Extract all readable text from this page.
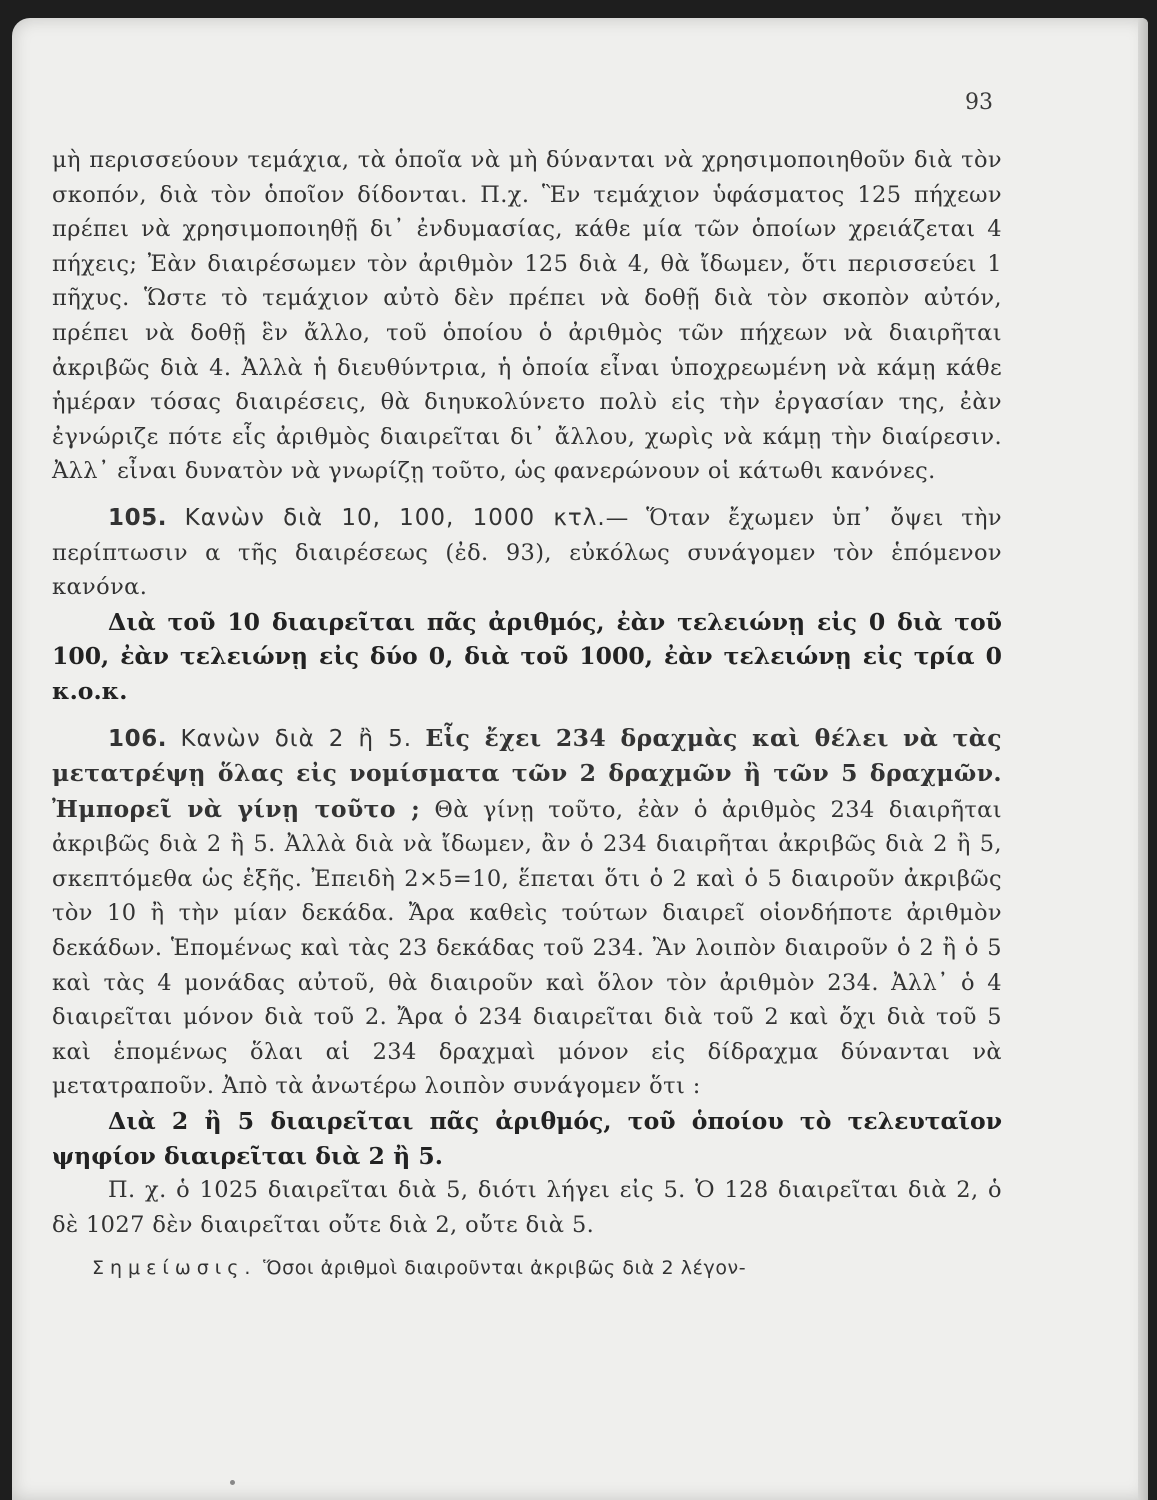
93

μὴ περισσεύουν τεμάχια, τὰ ὁποῖα νὰ μὴ δύνανται νὰ χρησιμοποιηθοῦν διὰ τὸν σκοπόν, διὰ τὸν ὁποῖον δίδονται. Π.χ. Ἓν τεμάχιον ὑφάσματος 125 πήχεων πρέπει νὰ χρησιμοποιηθῇ δι᾽ ἐνδυμασίας, κάθε μία τῶν ὁποίων χρειάζεται 4 πήχεις; Ἐὰν διαιρέσωμεν τὸν ἀριθμὸν 125 διὰ 4, θὰ ἴδωμεν, ὅτι περισσεύει 1 πῆχυς. Ὥστε τὸ τεμάχιον αὐτὸ δὲν πρέπει νὰ δοθῇ διὰ τὸν σκοπὸν αὐτόν, πρέπει νὰ δοθῇ ἓν ἄλλο, τοῦ ὁποίου ὁ ἀριθμὸς τῶν πήχεων νὰ διαιρῆται ἀκριβῶς διὰ 4. Ἀλλὰ ἡ διευθύντρια, ἡ ὁποία εἶναι ὑποχρεωμένη νὰ κάμῃ κάθε ἡμέραν τόσας διαιρέσεις, θὰ διηυκολύνετο πολὺ εἰς τὴν ἐργασίαν της, ἐὰν ἐγνώριζε πότε εἷς ἀριθμὸς διαιρεῖται δι᾽ ἄλλου, χωρὶς νὰ κάμῃ τὴν διαίρεσιν. Ἀλλ᾽ εἶναι δυνατὸν νὰ γνωρίζῃ τοῦτο, ὡς φανερώνουν οἱ κάτωθι κανόνες.

105. Κανὼν διὰ 10, 100, 1000 κτλ.— Ὅταν ἔχωμεν ὑπ᾽ ὄψει τὴν περίπτωσιν α τῆς διαιρέσεως (ἐδ. 93), εὐκόλως συνάγομεν τὸν ἑπόμενον κανόνα.

Διὰ τοῦ 10 διαιρεῖται πᾶς ἀριθμός, ἐὰν τελειώνῃ εἰς 0 διὰ τοῦ 100, ἐὰν τελειώνῃ εἰς δύο 0, διὰ τοῦ 1000, ἐὰν τελειώνῃ εἰς τρία 0 κ.ο.κ.

106. Κανὼν διὰ 2 ἢ 5. Εἷς ἔχει 234 δραχμὰς καὶ θέλει νὰ τὰς μετατρέψῃ ὅλας εἰς νομίσματα τῶν 2 δραχμῶν ἢ τῶν 5 δραχμῶν. Ἠμπορεῖ νὰ γίνῃ τοῦτο ; Θὰ γίνῃ τοῦτο, ἐὰν ὁ ἀριθμὸς 234 διαιρῆται ἀκριβῶς διὰ 2 ἢ 5. Ἀλλὰ διὰ νὰ ἴδωμεν, ἂν ὁ 234 διαιρῆται ἀκριβῶς διὰ 2 ἢ 5, σκεπτόμεθα ὡς ἑξῆς. Ἐπειδὴ 2×5=10, ἕπεται ὅτι ὁ 2 καὶ ὁ 5 διαιροῦν ἀκριβῶς τὸν 10 ἢ τὴν μίαν δεκάδα. Ἄρα καθεὶς τούτων διαιρεῖ οἱονδήποτε ἀριθμὸν δεκάδων. Ἑπομένως καὶ τὰς 23 δεκάδας τοῦ 234. Ἂν λοιπὸν διαιροῦν ὁ 2 ἢ ὁ 5 καὶ τὰς 4 μονάδας αὐτοῦ, θὰ διαιροῦν καὶ ὅλον τὸν ἀριθμὸν 234. Ἀλλ᾽ ὁ 4 διαιρεῖται μόνον διὰ τοῦ 2. Ἄρα ὁ 234 διαιρεῖται διὰ τοῦ 2 καὶ ὄχι διὰ τοῦ 5 καὶ ἑπομένως ὅλαι αἱ 234 δραχμαὶ μόνον εἰς δίδραχμα δύνανται νὰ μετατραποῦν. Ἀπὸ τὰ ἀνωτέρω λοιπὸν συνάγομεν ὅτι :

Διὰ 2 ἢ 5 διαιρεῖται πᾶς ἀριθμός, τοῦ ὁποίου τὸ τελευταῖον ψηφίον διαιρεῖται διὰ 2 ἢ 5.

Π. χ. ὁ 1025 διαιρεῖται διὰ 5, διότι λήγει εἰς 5. Ὁ 128 διαιρεῖται διὰ 2, ὁ δὲ 1027 δὲν διαιρεῖται οὔτε διὰ 2, οὔτε διὰ 5.

Σημείωσις. Ὅσοι ἀριθμοὶ διαιροῦνται ἀκριβῶς διὰ 2 λέγον-
